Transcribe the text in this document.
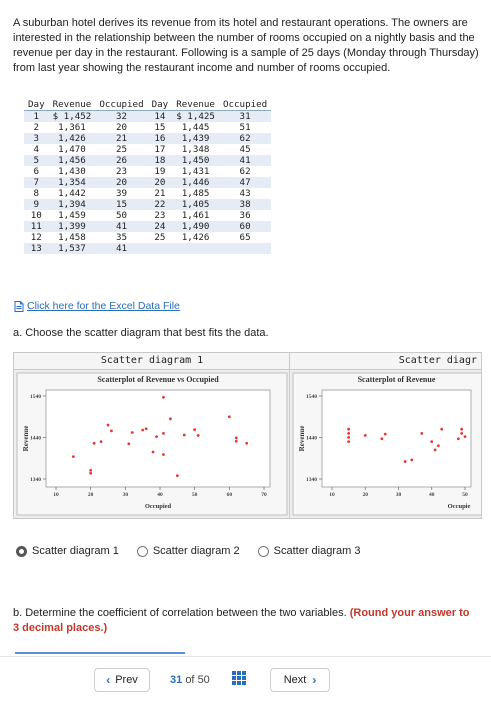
A suburban hotel derives its revenue from its hotel and restaurant operations. The owners are interested in the relationship between the number of rooms occupied on a nightly basis and the revenue per day in the restaurant. Following is a sample of 25 days (Monday through Thursday) from last year showing the restaurant income and number of rooms occupied.
Day	Revenue	Occupied	Day	Revenue	Occupied
1	$ 1,452	32	14	$ 1,425	31
2	1,361	20	15	1,445	51
3	1,426	21	16	1,439	62
4	1,470	25	17	1,348	45
5	1,456	26	18	1,450	41
6	1,430	23	19	1,431	62
7	1,354	20	20	1,446	47
8	1,442	39	21	1,485	43
9	1,394	15	22	1,405	38
10	1,459	50	23	1,461	36
11	1,399	41	24	1,490	60
12	1,458	35	25	1,426	65
13	1,537	41			
Click here for the Excel Data File
a. Choose the scatter diagram that best fits the data.
Scatter diagram 1
Scatterplot of Revenue vs Occupied
1540
1440
1340
10	20	30	40	50	60	70
Revenue
Occupied
Scatter diagr
Scatterplot of Revenue
1540
1440
1340
10	20	30	40	50
Revenue
Occupie
Scatter diagram 1	Scatter diagram 2	Scatter diagram 3
b. Determine the coefficient of correlation between the two variables. (Round your answer to 3 decimal places.)
‹ Prev	31 of 50	Next ›
